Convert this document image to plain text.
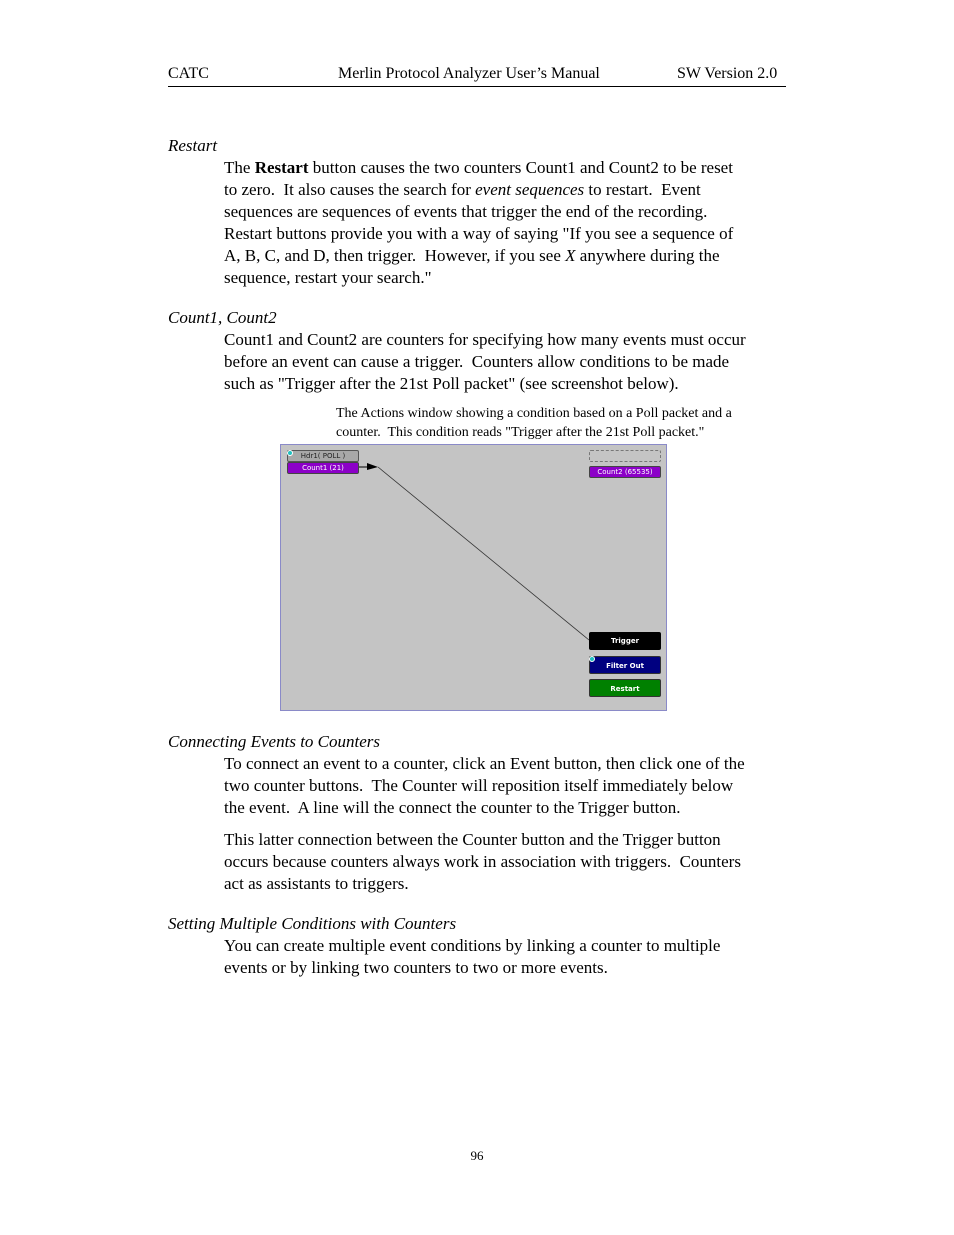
CATC	Merlin Protocol Analyzer User’s Manual	SW Version 2.0
Restart
The Restart button causes the two counters Count1 and Count2 to be reset
to zero.  It also causes the search for event sequences to restart.  Event
sequences are sequences of events that trigger the end of the recording.
Restart buttons provide you with a way of saying "If you see a sequence of
A, B, C, and D, then trigger.  However, if you see X anywhere during the
sequence, restart your search."
Count1, Count2
Count1 and Count2 are counters for specifying how many events must occur
before an event can cause a trigger.  Counters allow conditions to be made
such as "Trigger after the 21st Poll packet" (see screenshot below).
Connecting Events to Counters
To connect an event to a counter, click an Event button, then click one of the
two counter buttons.  The Counter will reposition itself immediately below
the event.  A line will the connect the counter to the Trigger button.
This latter connection between the Counter button and the Trigger button
occurs because counters always work in association with triggers.  Counters
act as assistants to triggers.
Setting Multiple Conditions with Counters
You can create multiple event conditions by linking a counter to multiple
events or by linking two counters to two or more events.
The Actions window showing a condition based on a Poll packet and a
counter.  This condition reads "Trigger after the 21st Poll packet."
Hdr1( POLL )
Count1 (21)	Count2 (65535)
Trigger
Filter Out
Restart
96
